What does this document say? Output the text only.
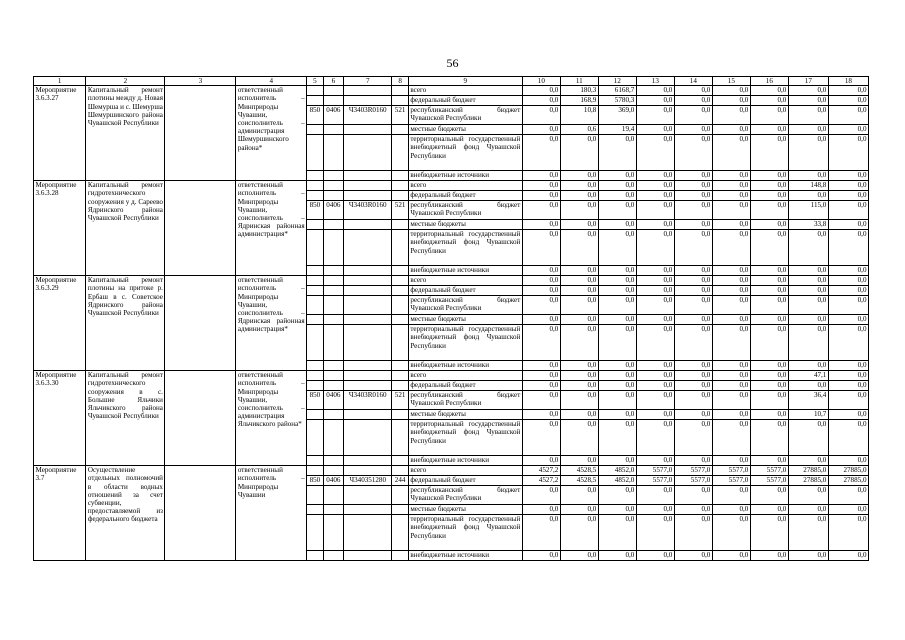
56
1	2	3	4	5	6	7	8	9	10	11	12	13	14	15	16	17	18
Мероприятие 3.6.3.27	Капитальный ремонт плотины между д. Новая Шемурша и с. Шемурша Шемуршинского района Чувашской Республики		ответственный исполнитель – Минприроды Чувашии, соисполнитель – администрация Шемуршинского района*					всего	0,0	180,3	6168,7	0,0	0,0	0,0	0,0	0,0	0,0
								федеральный бюджет	0,0	168,9	5780,3	0,0	0,0	0,0	0,0	0,0	0,0
				850	0406	Ч3403R0160	521	республиканский бюджет Чувашской Республики	0,0	10,8	369,0	0,0	0,0	0,0	0,0	0,0	0,0
								местные бюджеты	0,0	0,6	19,4	0,0	0,0	0,0	0,0	0,0	0,0
								территориальный государственный внебюджетный фонд Чувашской Республики	0,0	0,0	0,0	0,0	0,0	0,0	0,0	0,0	0,0
								внебюджетные источники	0,0	0,0	0,0	0,0	0,0	0,0	0,0	0,0	0,0
Мероприятие 3.6.3.28	Капитальный ремонт гидротехнического сооружения у д. Сареево Ядринского района Чувашской Республики		ответственный исполнитель – Минприроды Чувашии, соисполнитель – Ядринская районная администрация*					всего	0,0	0,0	0,0	0,0	0,0	0,0	0,0	148,8	0,0
								федеральный бюджет	0,0	0,0	0,0	0,0	0,0	0,0	0,0	0,0	0,0
				850	0406	Ч3403R0160	521	республиканский бюджет Чувашской Республики	0,0	0,0	0,0	0,0	0,0	0,0	0,0	115,0	0,0
								местные бюджеты	0,0	0,0	0,0	0,0	0,0	0,0	0,0	33,8	0,0
								территориальный государственный внебюджетный фонд Чувашской Республики	0,0	0,0	0,0	0,0	0,0	0,0	0,0	0,0	0,0
								внебюджетные источники	0,0	0,0	0,0	0,0	0,0	0,0	0,0	0,0	0,0
Мероприятие 3.6.3.29	Капитальный ремонт плотины на притоке р. Ербаш в с. Советское Ядринского района Чувашской Республики		ответственный исполнитель – Минприроды Чувашии, соисполнитель – Ядринская районная администрация*					всего	0,0	0,0	0,0	0,0	0,0	0,0	0,0	0,0	0,0
								федеральный бюджет	0,0	0,0	0,0	0,0	0,0	0,0	0,0	0,0	0,0
								республиканский бюджет Чувашской Республики	0,0	0,0	0,0	0,0	0,0	0,0	0,0	0,0	0,0
								местные бюджеты	0,0	0,0	0,0	0,0	0,0	0,0	0,0	0,0	0,0
								территориальный государственный внебюджетный фонд Чувашской Республики	0,0	0,0	0,0	0,0	0,0	0,0	0,0	0,0	0,0
								внебюджетные источники	0,0	0,0	0,0	0,0	0,0	0,0	0,0	0,0	0,0
Мероприятие 3.6.3.30	Капитальный ремонт гидротехнического сооружения в с. Большие Яльчики Яльчикского района Чувашской Республики		ответственный исполнитель – Минприроды Чувашии, соисполнитель – администрация Яльчикского района*					всего	0,0	0,0	0,0	0,0	0,0	0,0	0,0	47,1	0,0
								федеральный бюджет	0,0	0,0	0,0	0,0	0,0	0,0	0,0	0,0	0,0
				850	0406	Ч3403R0160	521	республиканский бюджет Чувашской Республики	0,0	0,0	0,0	0,0	0,0	0,0	0,0	36,4	0,0
								местные бюджеты	0,0	0,0	0,0	0,0	0,0	0,0	0,0	10,7	0,0
								территориальный государственный внебюджетный фонд Чувашской Республики	0,0	0,0	0,0	0,0	0,0	0,0	0,0	0,0	0,0
								внебюджетные источники	0,0	0,0	0,0	0,0	0,0	0,0	0,0	0,0	0,0
Мероприятие 3.7	Осуществление отдельных полномочий в области водных отношений за счет субвенции, предоставляемой из федерального бюджета		ответственный исполнитель – Минприроды Чувашии					всего	4527,2	4528,5	4852,0	5577,0	5577,0	5577,0	5577,0	27885,0	27885,0
				850	0406	Ч340351280	244	федеральный бюджет	4527,2	4528,5	4852,0	5577,0	5577,0	5577,0	5577,0	27885,0	27885,0
								республиканский бюджет Чувашской Республики	0,0	0,0	0,0	0,0	0,0	0,0	0,0	0,0	0,0
								местные бюджеты	0,0	0,0	0,0	0,0	0,0	0,0	0,0	0,0	0,0
								территориальный государственный внебюджетный фонд Чувашской Республики	0,0	0,0	0,0	0,0	0,0	0,0	0,0	0,0	0,0
								внебюджетные источники	0,0	0,0	0,0	0,0	0,0	0,0	0,0	0,0	0,0
